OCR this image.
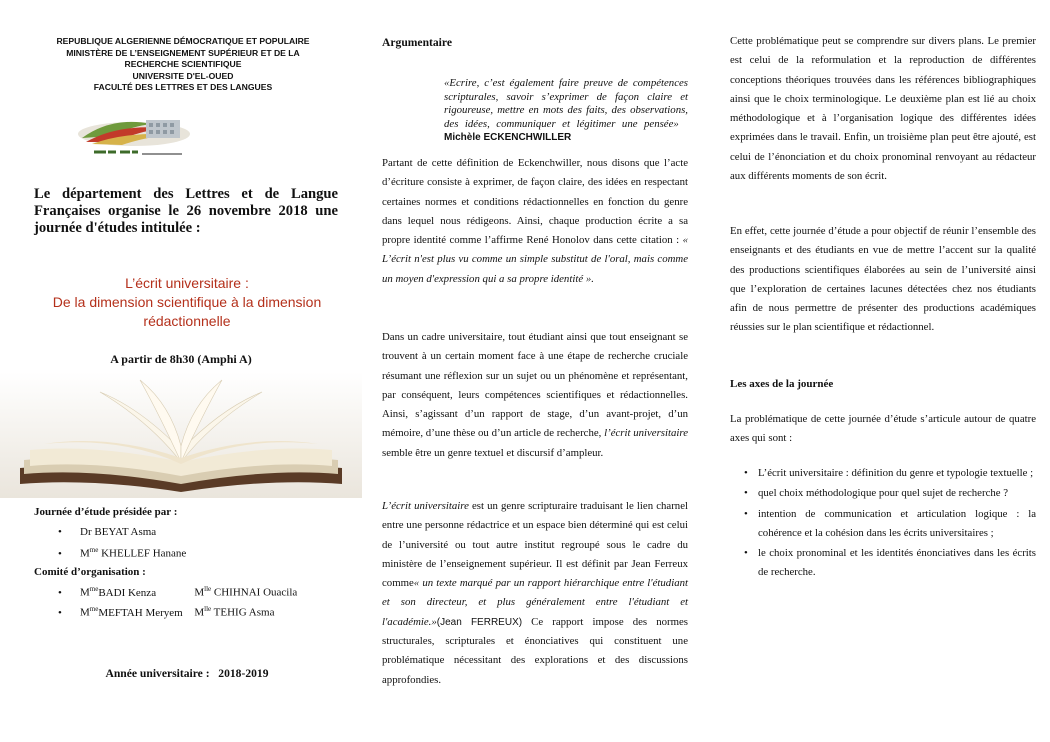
REPUBLIQUE ALGERIENNE DÉMOCRATIQUE ET POPULAIRE
MINISTÈRE DE L’ENSEIGNEMENT SUPÉRIEUR ET DE LA
RECHERCHE SCIENTIFIQUE
UNIVERSITE D'EL-OUED
FACULTÉ DES LETTRES ET DES LANGUES
Le département des Lettres et de Langue
Françaises organise le 26 novembre 2018 une
journée d'études intitulée :
L’écrit universitaire :
De la dimension scientifique à la dimension
rédactionnelle
A partir de 8h30 (Amphi A)
Journée d’étude présidée par :
• Dr BEYAT Asma
• $M^{me}$ KHELLEF Hanane
Comité d’organisation :
• $M^{me}BADI$ Kenza	$M^{lle}$ CHIHNAI Ouacila
• $M^{me}MEFTAH$ Meryem $M^{lle}$ TEHIG Asma
Année universitaire :   2018-2019
Argumentaire
«Ecrire, c’est également faire preuve de compétences scripturales, savoir s’exprimer de façon claire et rigoureuse, mettre en mots des faits, des observations, des idées, communiquer et légitimer une pensée»   Michèle ECKENCHWILLER
Partant de cette définition de Eckenchwiller, nous disons que l’acte d’écriture consiste à exprimer, de façon claire, des idées en respectant certaines normes et conditions rédactionnelles en fonction du genre dans lequel nous rédigeons. Ainsi, chaque production écrite a sa propre identité comme l’affirme René Honolov dans cette citation : « L’écrit n'est plus vu comme un simple substitut de l'oral, mais comme un moyen d'expression qui a sa propre identité ».
Dans un cadre universitaire, tout étudiant ainsi que tout enseignant se trouvent à un certain moment face à une étape de recherche cruciale résumant une réflexion sur un sujet ou un phénomène et représentant, par conséquent, leurs compétences scientifiques et rédactionnelles. Ainsi, s’agissant d’un rapport de stage, d’un avant-projet, d’un mémoire, d’une thèse ou d’un article de recherche, l’écrit universitaire semble être un genre textuel et discursif d’ampleur.
L’écrit universitaire est un genre scripturaire traduisant le lien charnel entre une personne rédactrice et un espace bien déterminé qui est celui de l’université ou tout autre institut regroupé sous le cadre du ministère de l’enseignement supérieur. Il est définit par Jean Ferreux comme« un texte marqué par un rapport hiérarchique entre l'étudiant et son directeur, et plus généralement entre l'étudiant et l'académie.»(Jean FERREUX) Ce rapport impose des normes structurales, scripturales et énonciatives qui constituent une problématique nécessitant des explorations et des discussions approfondies.
Cette problématique peut se comprendre sur divers plans. Le premier est celui de la reformulation et la reproduction de différentes conceptions théoriques trouvées dans les références bibliographiques ainsi que le choix terminologique. Le deuxième plan est lié au choix méthodologique et à l’organisation logique des différentes idées exprimées dans le travail. Enfin, un troisième plan peut être ajouté, est celui de l’énonciation et du choix pronominal renvoyant au rédacteur aux différents moments de son écrit.
En effet, cette journée d’étude a pour objectif de réunir l’ensemble des enseignants et des étudiants en vue de mettre l’accent sur la qualité des productions scientifiques élaborées au sein de l’université ainsi que l’exploration de certaines lacunes détectées chez nos étudiants afin de nous permettre de présenter des productions académiques réussies sur le plan scientifique et rédactionnel.
Les axes de la journée
La problématique de cette journée d’étude s’articule autour de quatre axes qui sont :
• L’écrit universitaire : définition du genre et typologie textuelle ;
• quel choix méthodologique pour quel sujet de recherche ?
• intention de communication et articulation logique : la cohérence et la cohésion dans les écrits universitaires ;
• le choix pronominal et les identités énonciatives dans les écrits de recherche.
